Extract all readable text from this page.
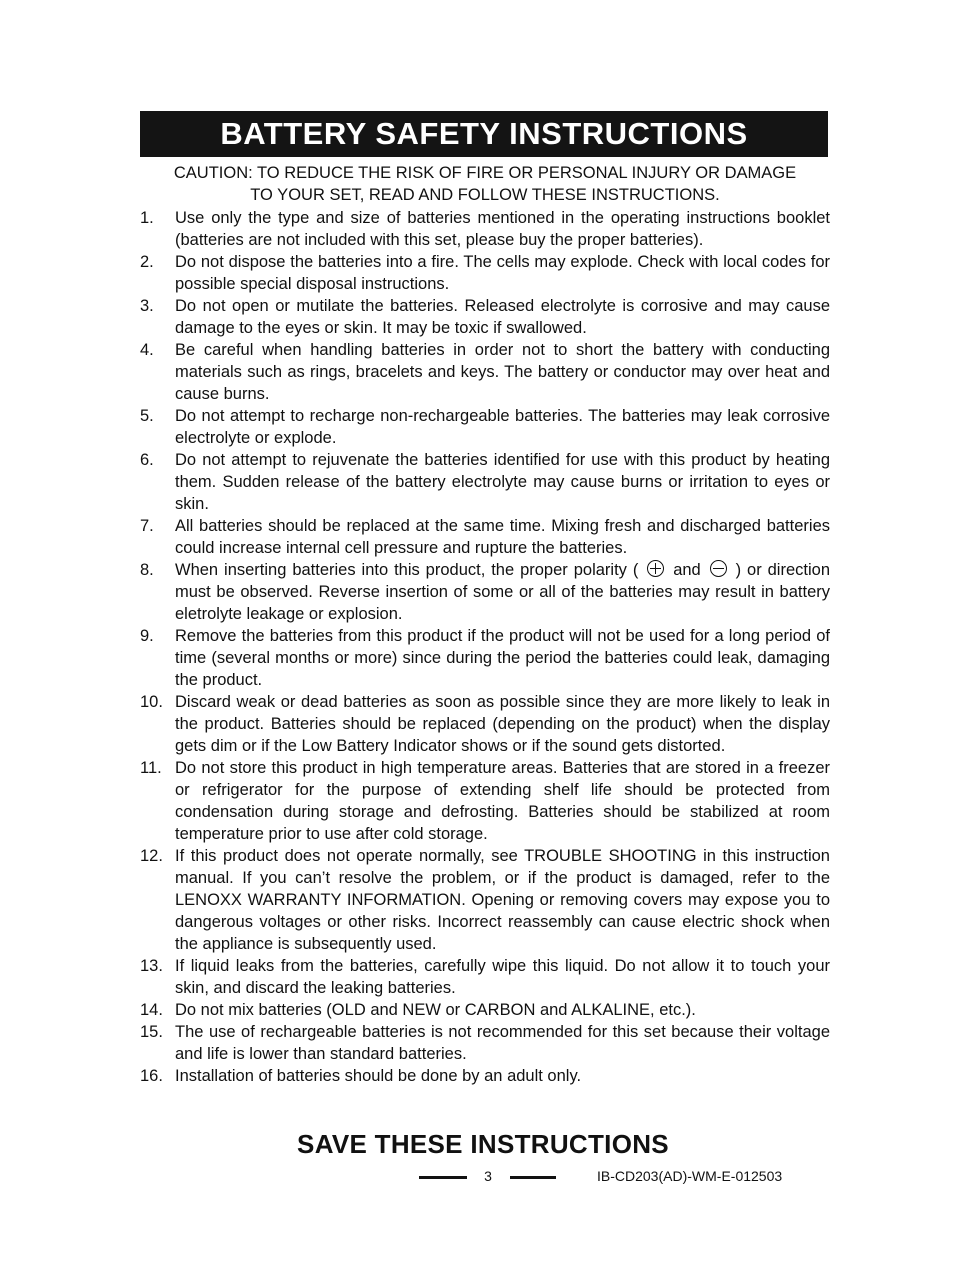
BATTERY SAFETY INSTRUCTIONS
CAUTION: TO REDUCE THE RISK OF FIRE OR PERSONAL INJURY OR DAMAGE
TO YOUR SET, READ AND FOLLOW THESE INSTRUCTIONS.
1.	Use only the type and size of batteries mentioned in the operating instructions booklet (batteries are not included with this set, please buy the proper batteries).
2.	Do not dispose the batteries into a fire. The cells may explode. Check with local codes for possible special disposal instructions.
3.	Do not open or mutilate the batteries. Released electrolyte is corrosive and may cause damage to the eyes or skin. It may be toxic if swallowed.
4.	Be careful when handling batteries in order not to short the battery with conducting materials such as rings, bracelets and keys. The battery or conductor may over heat and cause burns.
5.	Do not attempt to recharge non-rechargeable batteries. The batteries may leak corrosive electrolyte or explode.
6.	Do not attempt to rejuvenate the batteries identified for use with this product by heating them. Sudden release of the battery electrolyte may cause burns or irritation to eyes or skin.
7.	All batteries should be replaced at the same time. Mixing fresh and discharged batteries could increase internal cell pressure and rupture the batteries.
8.	When inserting batteries into this product, the proper polarity ( and ) or direction must be observed. Reverse insertion of some or all of the batteries may result in battery eletrolyte leakage or explosion.
9.	Remove the batteries from this product if the product will not be used for a long period of time (several months or more) since during the period the batteries could leak, damaging the product.
10. Discard weak or dead batteries as soon as possible since they are more likely to leak in the product. Batteries should be replaced (depending on the product) when the display gets dim or if the Low Battery Indicator shows or if the sound gets distorted.
11. Do not store this product in high temperature areas. Batteries that are stored in a freezer or refrigerator for the purpose of extending shelf life should be protected from condensation during storage and defrosting. Batteries should be stabilized at room temperature prior to use after cold storage.
12. If this product does not operate normally, see TROUBLE SHOOTING in this instruction manual. If you can’t resolve the problem, or if the product is damaged, refer to the LENOXX WARRANTY INFORMATION. Opening or removing covers may expose you to dangerous voltages or other risks. Incorrect reassembly can cause electric shock when the appliance is subsequently used.
13. If liquid leaks from the batteries, carefully wipe this liquid. Do not allow it to touch your skin, and discard the leaking batteries.
14. Do not mix batteries (OLD and NEW or CARBON and ALKALINE, etc.).
15. The use of rechargeable batteries is not recommended for this set because their voltage and life is lower than standard batteries.
16. Installation of batteries should be done by an adult only.
SAVE THESE INSTRUCTIONS
3	IB-CD203(AD)-WM-E-012503
